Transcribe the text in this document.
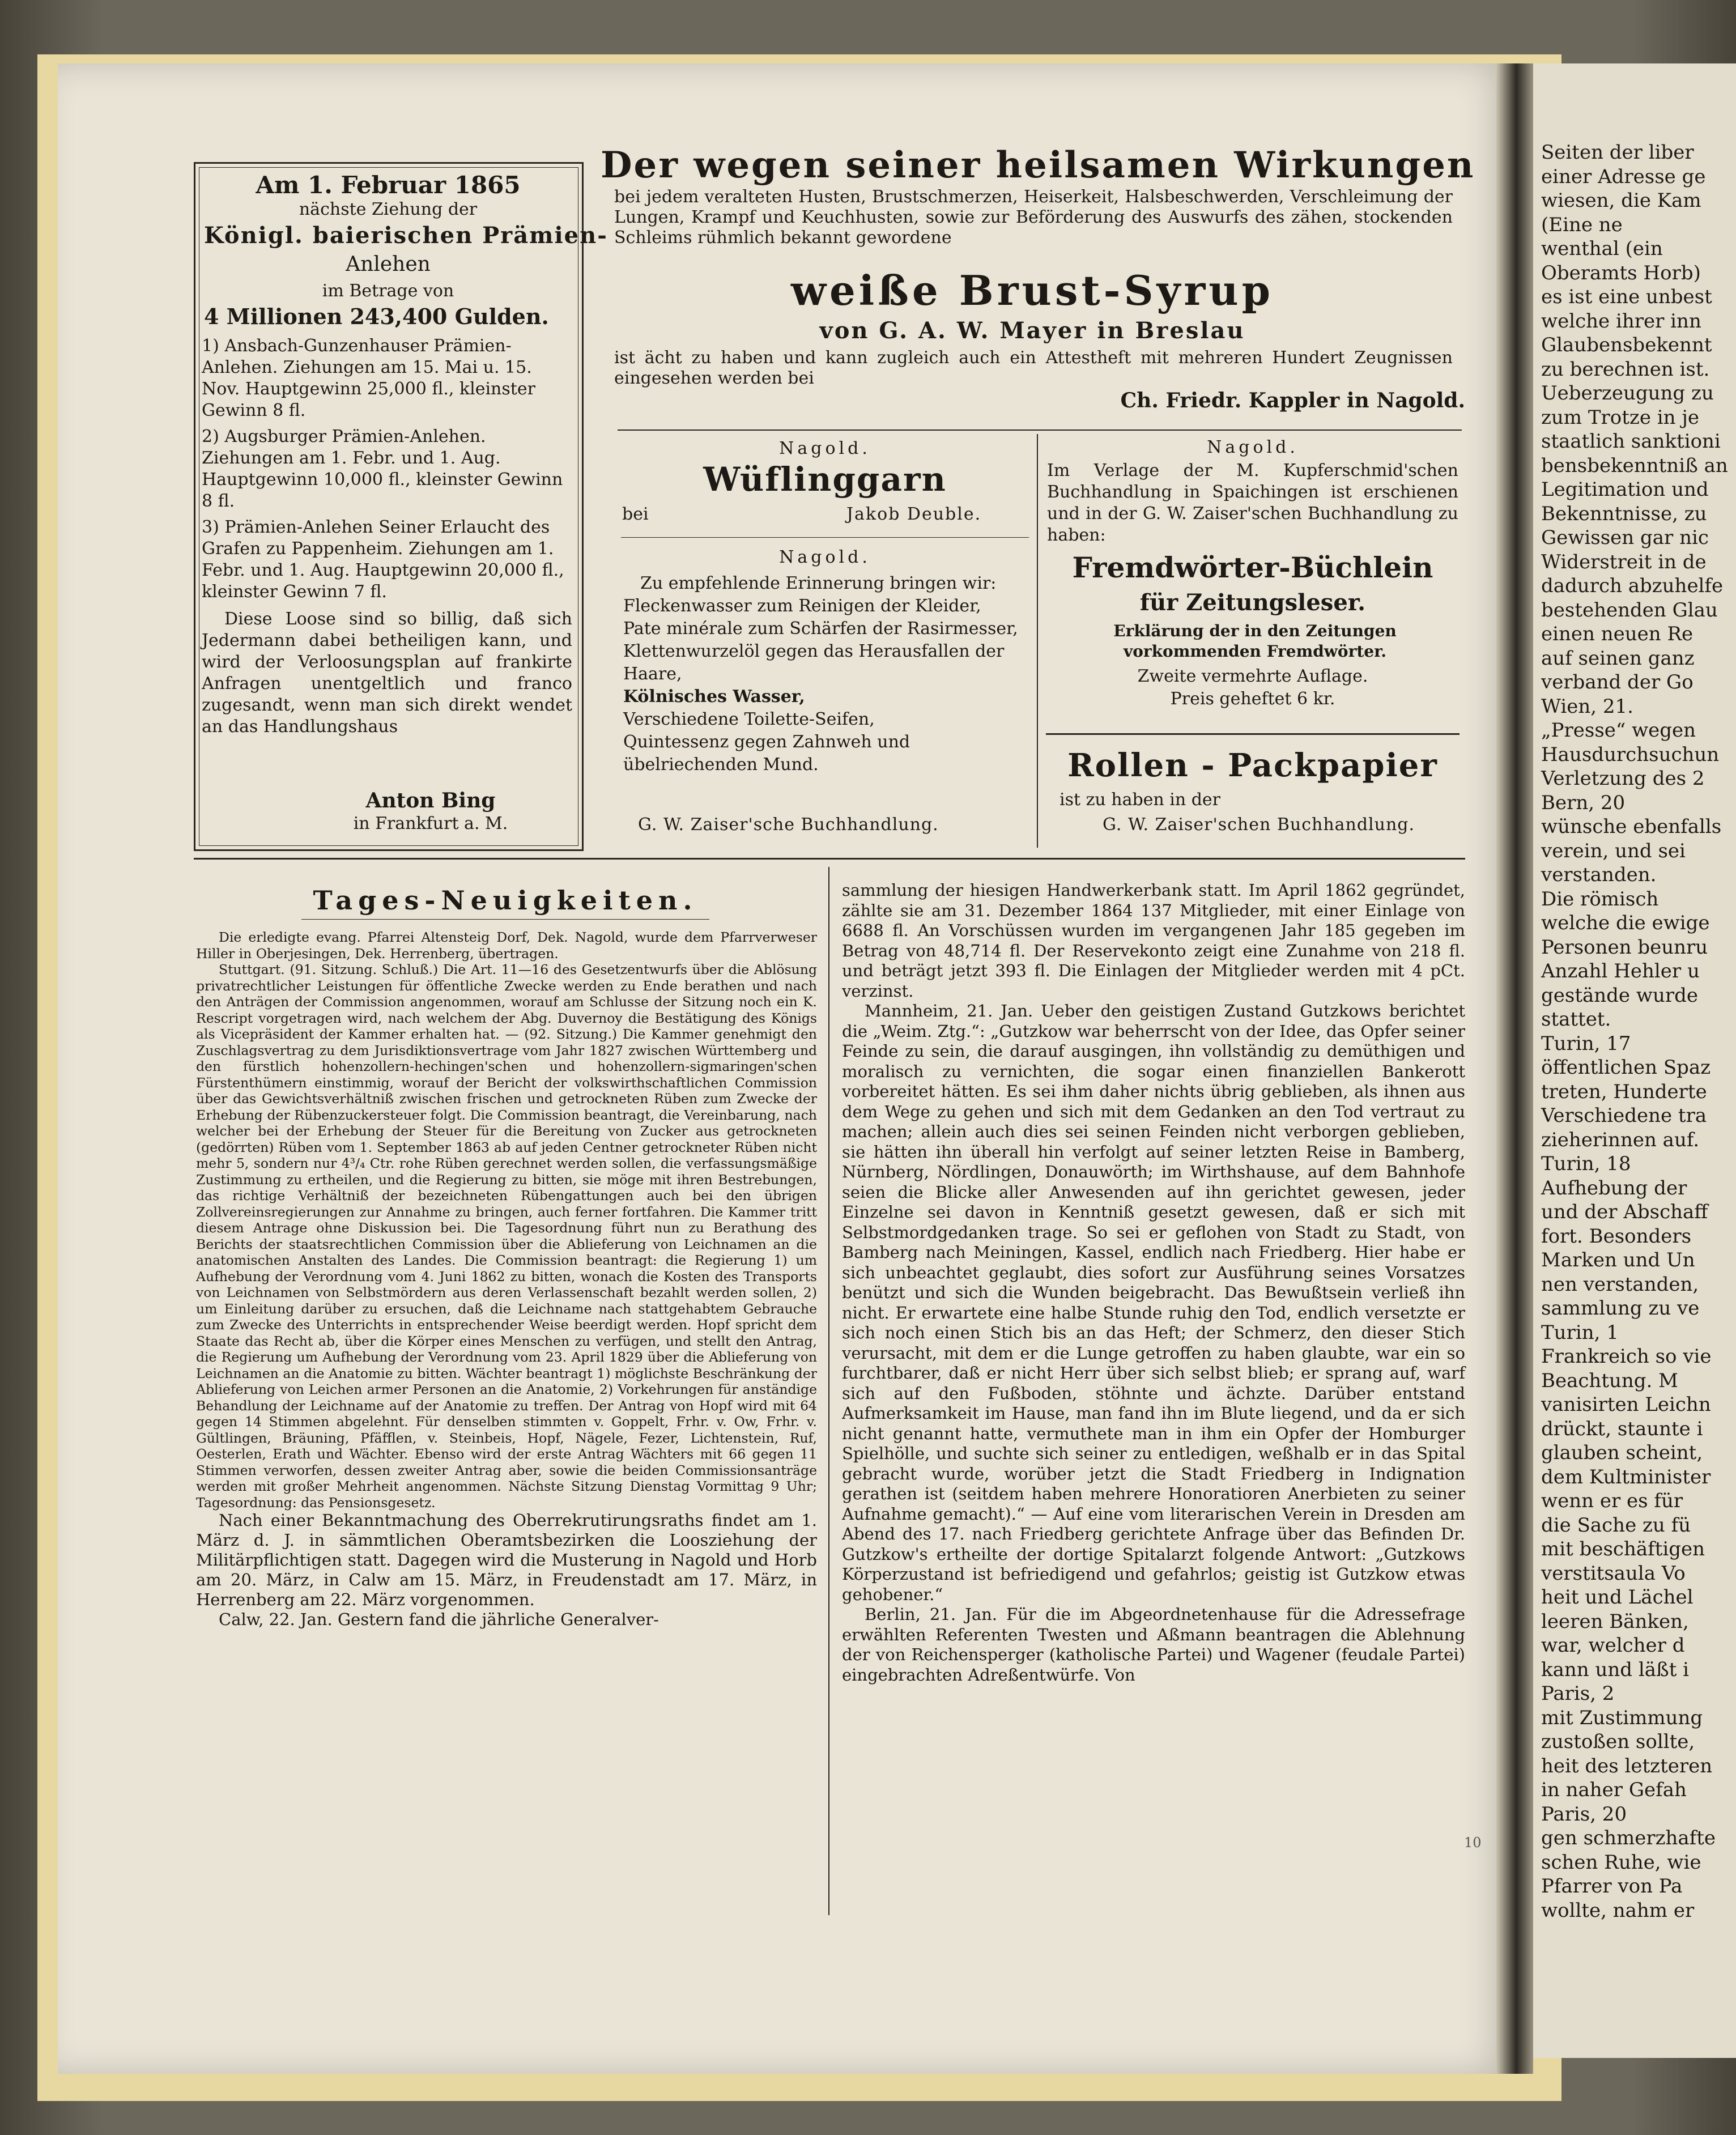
Seiten der liber
einer Adresse ge
wiesen, die Kam
(Eine ne
wenthal (ein
Oberamts Horb)
es ist eine unbest
welche ihrer inn
Glaubensbekennt
zu berechnen ist.
Ueberzeugung zu
zum Trotze in je
staatlich sanktioni
bensbekenntniß an
Legitimation und
Bekenntnisse, zu
Gewissen gar nic
Widerstreit in de
dadurch abzuhelfe
bestehenden Glau
einen neuen Re
auf seinen ganz
verband der Go
Wien, 21.
„Presse“ wegen
Hausdurchsuchun
Verletzung des 2
Bern, 20
wünsche ebenfalls
verein, und sei
verstanden.
Die römisch
welche die ewige
Personen beunru
Anzahl Hehler u
gestände wurde
stattet.
Turin, 17
öffentlichen Spaz
treten, Hunderte
Verschiedene tra
zieherinnen auf.
Turin, 18
Aufhebung der
und der Abschaff
fort. Besonders
Marken und Un
nen verstanden,
sammlung zu ve
Turin, 1
Frankreich so vie
Beachtung. M
vanisirten Leichn
drückt, staunte i
glauben scheint,
dem Kultminister
wenn er es für
die Sache zu fü
mit beschäftigen
verstitsaula Vo
heit und Lächel
leeren Bänken,
war, welcher d
kann und läßt i
Paris, 2
mit Zustimmung
zustoßen sollte,
heit des letzteren
in naher Gefah
Paris, 20
gen schmerzhafte
schen Ruhe, wie
Pfarrer von Pa
wollte, nahm er
Am 1. Februar 1865
nächste Ziehung der
Königl. baierischen Prämien-
Anlehen
im Betrage von
4 Millionen 243,400 Gulden.
1) Ansbach-Gunzenhauser Prämien-Anlehen. Ziehungen am 15. Mai u. 15. Nov. Hauptgewinn 25,000 fl., kleinster Gewinn 8 fl.
2) Augsburger Prämien-Anlehen. Ziehungen am 1. Febr. und 1. Aug. Hauptgewinn 10,000 fl., kleinster Gewinn 8 fl.
3) Prämien-Anlehen Seiner Erlaucht des Grafen zu Pappenheim. Ziehungen am 1. Febr. und 1. Aug. Hauptgewinn 20,000 fl., kleinster Gewinn 7 fl.
Diese Loose sind so billig, daß sich Jedermann dabei betheiligen kann, und wird der Verloosungsplan auf frankirte Anfragen unentgeltlich und franco zugesandt, wenn man sich direkt wendet an das Handlungshaus
Anton Bing
in Frankfurt a. M.
Der wegen seiner heilsamen Wirkungen
bei jedem veralteten Husten, Brustschmerzen, Heiserkeit, Halsbeschwerden, Verschleimung der Lungen, Krampf und Keuchhusten, sowie zur Beförderung des Auswurfs des zähen, stockenden Schleims rühmlich bekannt gewordene
weiße Brust-Syrup
von G. A. W. Mayer in Breslau
ist ächt zu haben und kann zugleich auch ein Attestheft mit mehreren Hundert Zeugnissen eingesehen werden bei
Ch. Friedr. Kappler in Nagold.
Nagold.
Wüflinggarn
bei	Jakob Deuble.
Nagold.
Zu empfehlende Erinnerung bringen wir:
Fleckenwasser zum Reinigen der Kleider,
Pate minérale zum Schärfen der Rasirmesser,
Klettenwurzelöl gegen das Herausfallen der Haare,
Kölnisches Wasser,
Verschiedene Toilette-Seifen,
Quintessenz gegen Zahnweh und übelriechenden Mund.
G. W. Zaiser'sche Buchhandlung.
Nagold.
Im Verlage der M. Kupferschmid'schen Buchhandlung in Spaichingen ist erschienen und in der G. W. Zaiser'schen Buchhandlung zu haben:
Fremdwörter-Büchlein
für Zeitungsleser.
Erklärung der in den Zeitungen vorkommenden Fremdwörter.
Zweite vermehrte Auflage.
Preis geheftet 6 kr.
Rollen - Packpapier
ist zu haben in der
G. W. Zaiser'schen Buchhandlung.
Tages-Neuigkeiten.

Die erledigte evang. Pfarrei Altensteig Dorf, Dek. Nagold, wurde dem Pfarrverweser Hiller in Oberjesingen, Dek. Herrenberg, übertragen.

Stuttgart. (91. Sitzung. Schluß.) Die Art. 11—16 des Gesetzentwurfs über die Ablösung privatrechtlicher Leistungen für öffentliche Zwecke werden zu Ende berathen und nach den Anträgen der Commission angenommen, worauf am Schlusse der Sitzung noch ein K. Rescript vorgetragen wird, nach welchem der Abg. Duvernoy die Bestätigung des Königs als Vicepräsident der Kammer erhalten hat. — (92. Sitzung.) Die Kammer genehmigt den Zuschlagsvertrag zu dem Jurisdiktionsvertrage vom Jahr 1827 zwischen Württemberg und den fürstlich hohenzollern-hechingen'schen und hohenzollern-sigmaringen'schen Fürstenthümern einstimmig, worauf der Bericht der volkswirthschaftlichen Commission über das Gewichtsverhältniß zwischen frischen und getrockneten Rüben zum Zwecke der Erhebung der Rübenzuckersteuer folgt. Die Commission beantragt, die Vereinbarung, nach welcher bei der Erhebung der Steuer für die Bereitung von Zucker aus getrockneten (gedörrten) Rüben vom 1. September 1863 ab auf jeden Centner getrockneter Rüben nicht mehr 5, sondern nur 4³/₄ Ctr. rohe Rüben gerechnet werden sollen, die verfassungsmäßige Zustimmung zu ertheilen, und die Regierung zu bitten, sie möge mit ihren Bestrebungen, das richtige Verhältniß der bezeichneten Rübengattungen auch bei den übrigen Zollvereinsregierungen zur Annahme zu bringen, auch ferner fortfahren. Die Kammer tritt diesem Antrage ohne Diskussion bei. Die Tagesordnung führt nun zu Berathung des Berichts der staatsrechtlichen Commission über die Ablieferung von Leichnamen an die anatomischen Anstalten des Landes. Die Commission beantragt: die Regierung 1) um Aufhebung der Verordnung vom 4. Juni 1862 zu bitten, wonach die Kosten des Transports von Leichnamen von Selbstmördern aus deren Verlassenschaft bezahlt werden sollen, 2) um Einleitung darüber zu ersuchen, daß die Leichname nach stattgehabtem Gebrauche zum Zwecke des Unterrichts in entsprechender Weise beerdigt werden. Hopf spricht dem Staate das Recht ab, über die Körper eines Menschen zu verfügen, und stellt den Antrag, die Regierung um Aufhebung der Verordnung vom 23. April 1829 über die Ablieferung von Leichnamen an die Anatomie zu bitten. Wächter beantragt 1) möglichste Beschränkung der Ablieferung von Leichen armer Personen an die Anatomie, 2) Vorkehrungen für anständige Behandlung der Leichname auf der Anatomie zu treffen. Der Antrag von Hopf wird mit 64 gegen 14 Stimmen abgelehnt. Für denselben stimmten v. Goppelt, Frhr. v. Ow, Frhr. v. Gültlingen, Bräuning, Pfäfflen, v. Steinbeis, Hopf, Nägele, Fezer, Lichtenstein, Ruf, Oesterlen, Erath und Wächter. Ebenso wird der erste Antrag Wächters mit 66 gegen 11 Stimmen verworfen, dessen zweiter Antrag aber, sowie die beiden Commissionsanträge werden mit großer Mehrheit angenommen. Nächste Sitzung Dienstag Vormittag 9 Uhr; Tagesordnung: das Pensionsgesetz.

Nach einer Bekanntmachung des Oberrekrutirungsraths findet am 1. März d. J. in sämmtlichen Oberamtsbezirken die Loosziehung der Militärpflichtigen statt. Dagegen wird die Musterung in Nagold und Horb am 20. März, in Calw am 15. März, in Freudenstadt am 17. März, in Herrenberg am 22. März vorgenommen.

Calw, 22. Jan. Gestern fand die jährliche Generalver-

sammlung der hiesigen Handwerkerbank statt. Im April 1862 gegründet, zählte sie am 31. Dezember 1864 137 Mitglieder, mit einer Einlage von 6688 fl. An Vorschüssen wurden im vergangenen Jahr 185 gegeben im Betrag von 48,714 fl. Der Reservekonto zeigt eine Zunahme von 218 fl. und beträgt jetzt 393 fl. Die Einlagen der Mitglieder werden mit 4 pCt. verzinst.

Mannheim, 21. Jan. Ueber den geistigen Zustand Gutzkows berichtet die „Weim. Ztg.“: „Gutzkow war beherrscht von der Idee, das Opfer seiner Feinde zu sein, die darauf ausgingen, ihn vollständig zu demüthigen und moralisch zu vernichten, die sogar einen finanziellen Bankerott vorbereitet hätten. Es sei ihm daher nichts übrig geblieben, als ihnen aus dem Wege zu gehen und sich mit dem Gedanken an den Tod vertraut zu machen; allein auch dies sei seinen Feinden nicht verborgen geblieben, sie hätten ihn überall hin verfolgt auf seiner letzten Reise in Bamberg, Nürnberg, Nördlingen, Donauwörth; im Wirthshause, auf dem Bahnhofe seien die Blicke aller Anwesenden auf ihn gerichtet gewesen, jeder Einzelne sei davon in Kenntniß gesetzt gewesen, daß er sich mit Selbstmordgedanken trage. So sei er geflohen von Stadt zu Stadt, von Bamberg nach Meiningen, Kassel, endlich nach Friedberg. Hier habe er sich unbeachtet geglaubt, dies sofort zur Ausführung seines Vorsatzes benützt und sich die Wunden beigebracht. Das Bewußtsein verließ ihn nicht. Er erwartete eine halbe Stunde ruhig den Tod, endlich versetzte er sich noch einen Stich bis an das Heft; der Schmerz, den dieser Stich verursacht, mit dem er die Lunge getroffen zu haben glaubte, war ein so furchtbarer, daß er nicht Herr über sich selbst blieb; er sprang auf, warf sich auf den Fußboden, stöhnte und ächzte. Darüber entstand Aufmerksamkeit im Hause, man fand ihn im Blute liegend, und da er sich nicht genannt hatte, vermuthete man in ihm ein Opfer der Homburger Spielhölle, und suchte sich seiner zu entledigen, weßhalb er in das Spital gebracht wurde, worüber jetzt die Stadt Friedberg in Indignation gerathen ist (seitdem haben mehrere Honoratioren Anerbieten zu seiner Aufnahme gemacht).“ — Auf eine vom literarischen Verein in Dresden am Abend des 17. nach Friedberg gerichtete Anfrage über das Befinden Dr. Gutzkow's ertheilte der dortige Spitalarzt folgende Antwort: „Gutzkows Körperzustand ist befriedigend und gefahrlos; geistig ist Gutzkow etwas gehobener.“

Berlin, 21. Jan. Für die im Abgeordnetenhause für die Adressefrage erwählten Referenten Twesten und Aßmann beantragen die Ablehnung der von Reichensperger (katholische Partei) und Wagener (feudale Partei) eingebrachten Adreßentwürfe. Von

10
